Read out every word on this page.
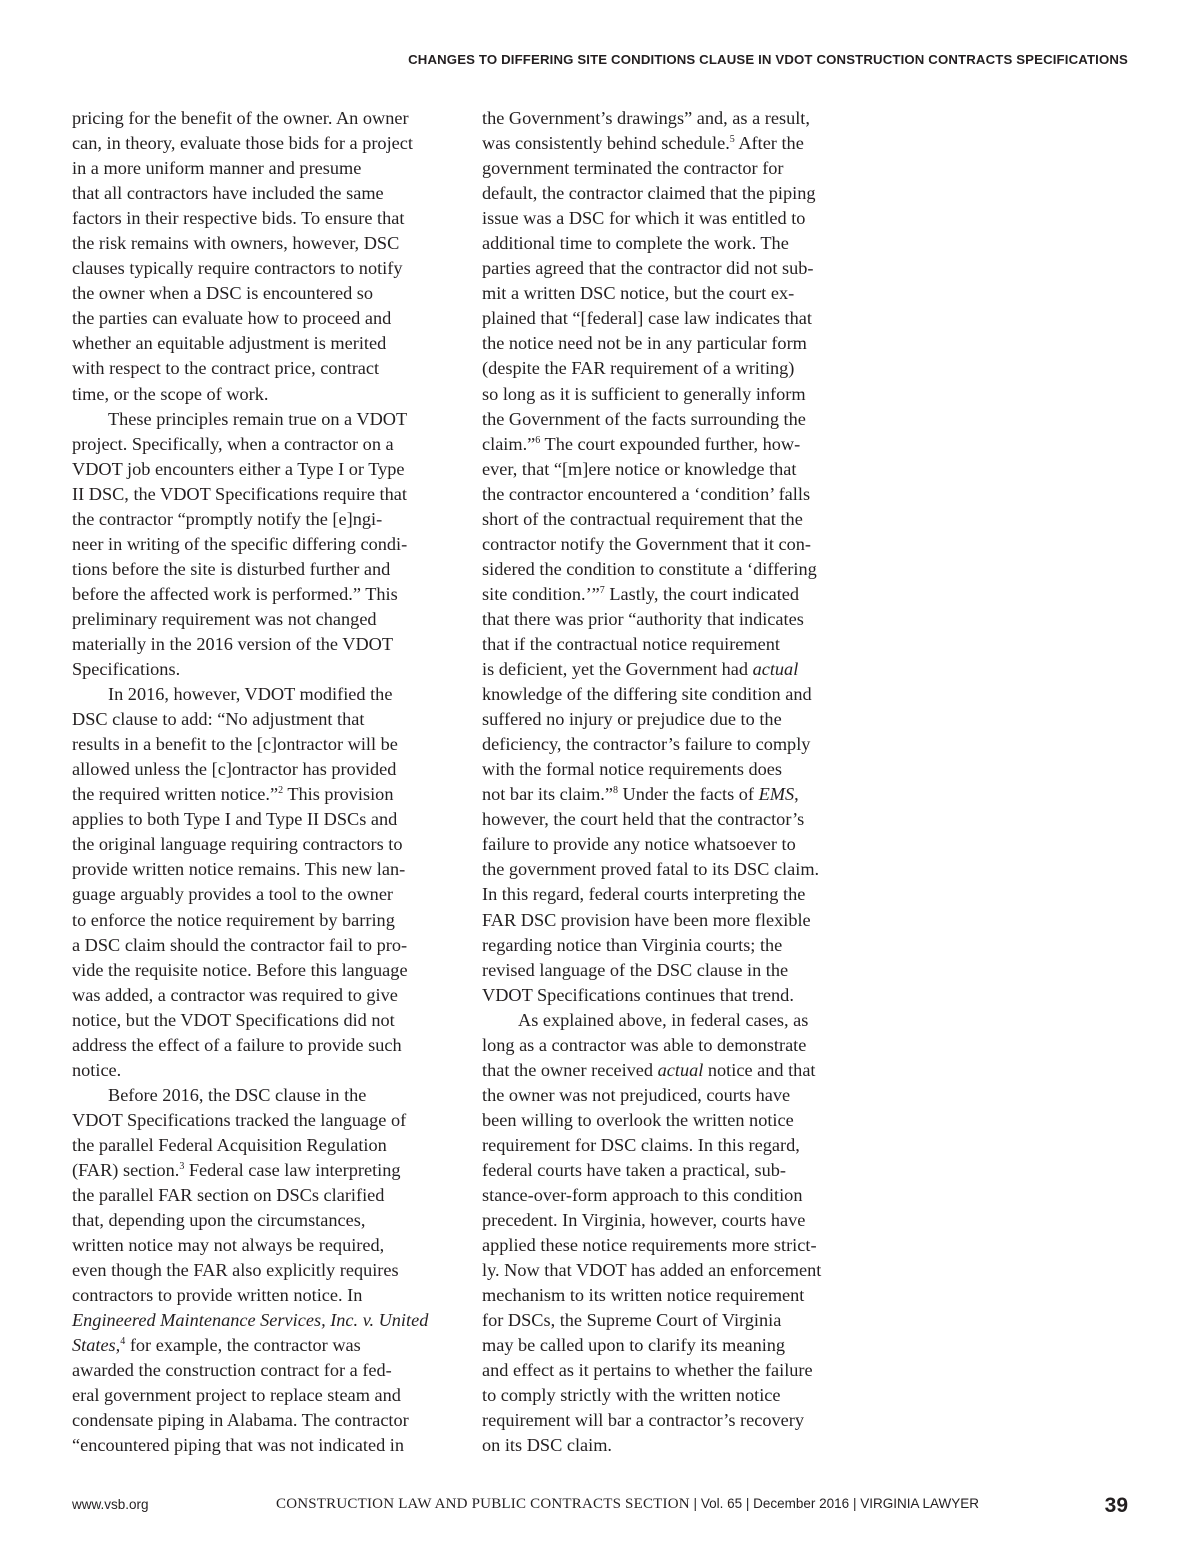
CHANGES TO DIFFERING SITE CONDITIONS CLAUSE IN VDOT CONSTRUCTION CONTRACTS SPECIFICATIONS
pricing for the benefit of the owner. An owner
can, in theory, evaluate those bids for a project
in a more uniform manner and presume
that all contractors have included the same
factors in their respective bids. To ensure that
the risk remains with owners, however, DSC
clauses typically require contractors to notify
the owner when a DSC is encountered so
the parties can evaluate how to proceed and
whether an equitable adjustment is merited
with respect to the contract price, contract
time, or the scope of work.
These principles remain true on a VDOT
project. Specifically, when a contractor on a
VDOT job encounters either a Type I or Type
II DSC, the VDOT Specifications require that
the contractor “promptly notify the [e]ngi-
neer in writing of the specific differing condi-
tions before the site is disturbed further and
before the affected work is performed.” This
preliminary requirement was not changed
materially in the 2016 version of the VDOT
Specifications.
In 2016, however, VDOT modified the
DSC clause to add: “No adjustment that
results in a benefit to the [c]ontractor will be
allowed unless the [c]ontractor has provided
the required written notice.”$^2$ This provision
applies to both Type I and Type II DSCs and
the original language requiring contractors to
provide written notice remains. This new lan-
guage arguably provides a tool to the owner
to enforce the notice requirement by barring
a DSC claim should the contractor fail to pro-
vide the requisite notice. Before this language
was added, a contractor was required to give
notice, but the VDOT Specifications did not
address the effect of a failure to provide such
notice.
Before 2016, the DSC clause in the
VDOT Specifications tracked the language of
the parallel Federal Acquisition Regulation
(FAR) section.$^3$ Federal case law interpreting
the parallel FAR section on DSCs clarified
that, depending upon the circumstances,
written notice may not always be required,
even though the FAR also explicitly requires
contractors to provide written notice. In
Engineered Maintenance Services, Inc. v. United
States,$^4$ for example, the contractor was
awarded the construction contract for a fed-
eral government project to replace steam and
condensate piping in Alabama. The contractor
“encountered piping that was not indicated in
the Government’s drawings” and, as a result,
was consistently behind schedule.$^5$ After the
government terminated the contractor for
default, the contractor claimed that the piping
issue was a DSC for which it was entitled to
additional time to complete the work. The
parties agreed that the contractor did not sub-
mit a written DSC notice, but the court ex-
plained that “[federal] case law indicates that
the notice need not be in any particular form
(despite the FAR requirement of a writing)
so long as it is sufficient to generally inform
the Government of the facts surrounding the
claim.”$^6$ The court expounded further, how-
ever, that “[m]ere notice or knowledge that
the contractor encountered a ‘condition’ falls
short of the contractual requirement that the
contractor notify the Government that it con-
sidered the condition to constitute a ‘differing
site condition.’”$^7$ Lastly, the court indicated
that there was prior “authority that indicates
that if the contractual notice requirement
is deficient, yet the Government had actual
knowledge of the differing site condition and
suffered no injury or prejudice due to the
deficiency, the contractor’s failure to comply
with the formal notice requirements does
not bar its claim.”$^8$ Under the facts of EMS,
however, the court held that the contractor’s
failure to provide any notice whatsoever to
the government proved fatal to its DSC claim.
In this regard, federal courts interpreting the
FAR DSC provision have been more flexible
regarding notice than Virginia courts; the
revised language of the DSC clause in the
VDOT Specifications continues that trend.
As explained above, in federal cases, as
long as a contractor was able to demonstrate
that the owner received actual notice and that
the owner was not prejudiced, courts have
been willing to overlook the written notice
requirement for DSC claims. In this regard,
federal courts have taken a practical, sub-
stance-over-form approach to this condition
precedent. In Virginia, however, courts have
applied these notice requirements more strict-
ly. Now that VDOT has added an enforcement
mechanism to its written notice requirement
for DSCs, the Supreme Court of Virginia
may be called upon to clarify its meaning
and effect as it pertains to whether the failure
to comply strictly with the written notice
requirement will bar a contractor’s recovery
on its DSC claim.
www.vsb.org	CONSTRUCTION LAW AND PUBLIC CONTRACTS SECTION | Vol. 65 | December 2016 | VIRGINIA LAWYER	39
